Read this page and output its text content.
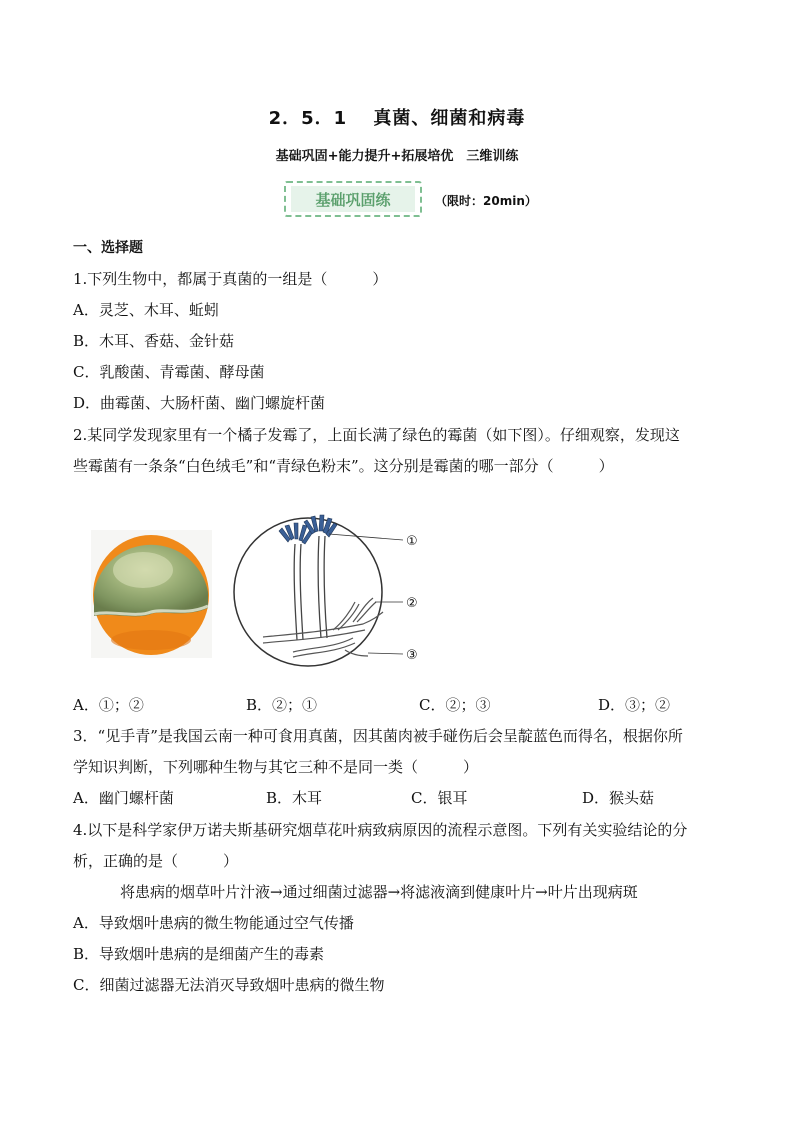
2．5．1　 真菌、细菌和病毒
基础巩固+能力提升+拓展培优　三维训练
基础巩固练	（限时：20min）
一、选择题
1.下列生物中，都属于真菌的一组是（　　　）
A．灵芝、木耳、蚯蚓
B．木耳、香菇、金针菇
C．乳酸菌、青霉菌、酵母菌
D．曲霉菌、大肠杆菌、幽门螺旋杆菌
2.某同学发现家里有一个橘子发霉了，上面长满了绿色的霉菌（如下图）。仔细观察，发现这
些霉菌有一条条“白色绒毛”和“青绿色粉末”。这分别是霉菌的哪一部分（　　　）
①
②
③
A．①；②	B．②；①	C．②；③	D．③；②
3．“见手青”是我国云南一种可食用真菌，因其菌肉被手碰伤后会呈靛蓝色而得名，根据你所
学知识判断，下列哪种生物与其它三种不是同一类（　　　）
A．幽门螺杆菌	B．木耳	C．银耳	D．猴头菇
4.以下是科学家伊万诺夫斯基研究烟草花叶病致病原因的流程示意图。下列有关实验结论的分
析，正确的是（　　　）
将患病的烟草叶片汁液→通过细菌过滤器→将滤液滴到健康叶片→叶片出现病斑
A．导致烟叶患病的微生物能通过空气传播
B．导致烟叶患病的是细菌产生的毒素
C．细菌过滤器无法消灭导致烟叶患病的微生物
